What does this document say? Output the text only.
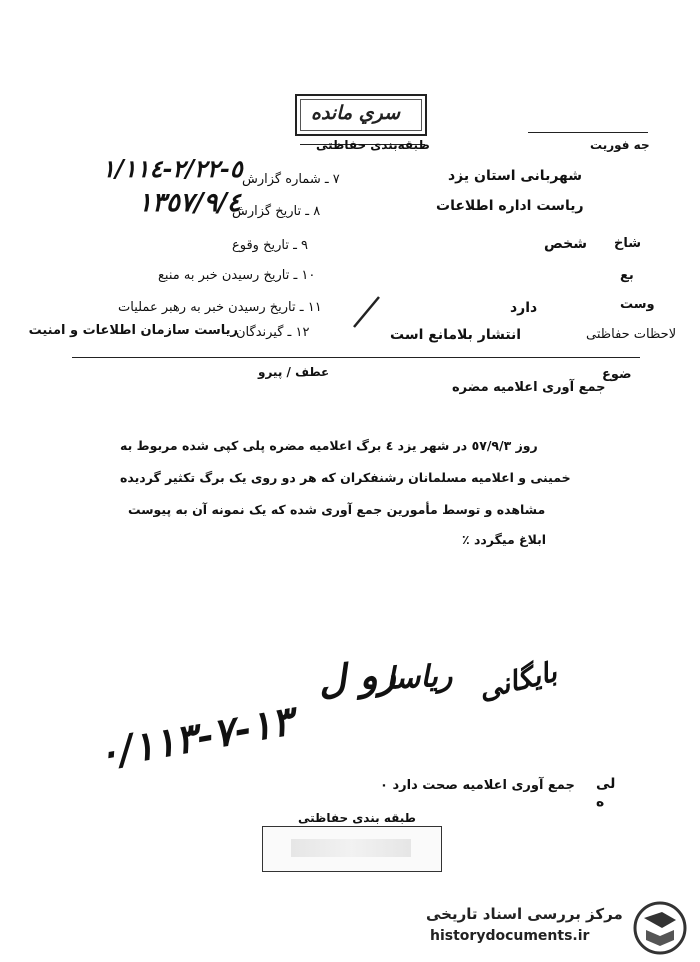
سري مانده
طبقه‌بندی حفاظتی	جه فوریت
٧ ـ شماره گزارش
٥-٢/٢٢-١/١١٤
٨ ـ تاریخ گزارش
١٣٥٧/٩/٤
٩ ـ تاریخ وقوع
١٠ ـ تاریخ رسیدن خبر به منبع
١١ ـ تاریخ رسیدن خبر به رهبر عملیات
١٢ ـ گیرندگان
ریاست سازمان اطلاعات و امنیت
شهربانی استان یزد
ریاست اداره اطلاعات
شاخ
شخص
بع
وست
دارد
لاحظات حفاظتی
انتشار بلامانع است
عطف / پیرو	ضوع
جمع آوری اعلامیه مضره
روز ٥٧/٩/٣ در شهر یزد ٤ برگ اعلامیه مضره پلی کپی شده مربوط به
خمینی و اعلامیه مسلمانان رشنفکران که هر دو روی یک برگ تکثیر گردیده
مشاهده و توسط مأمورین جمع آوری شده که یک نمونه آن به پیوست
ابلاغ میگردد ٪
رو ل
ریاسا بایگانی
١٣-٧-٠/١١٣
لی
ه
جمع آوری اعلامیه صحت دارد ٠
طبقه بندی حفاظتی
مرکز بررسی اسناد تاریخی
historydocuments.ir
